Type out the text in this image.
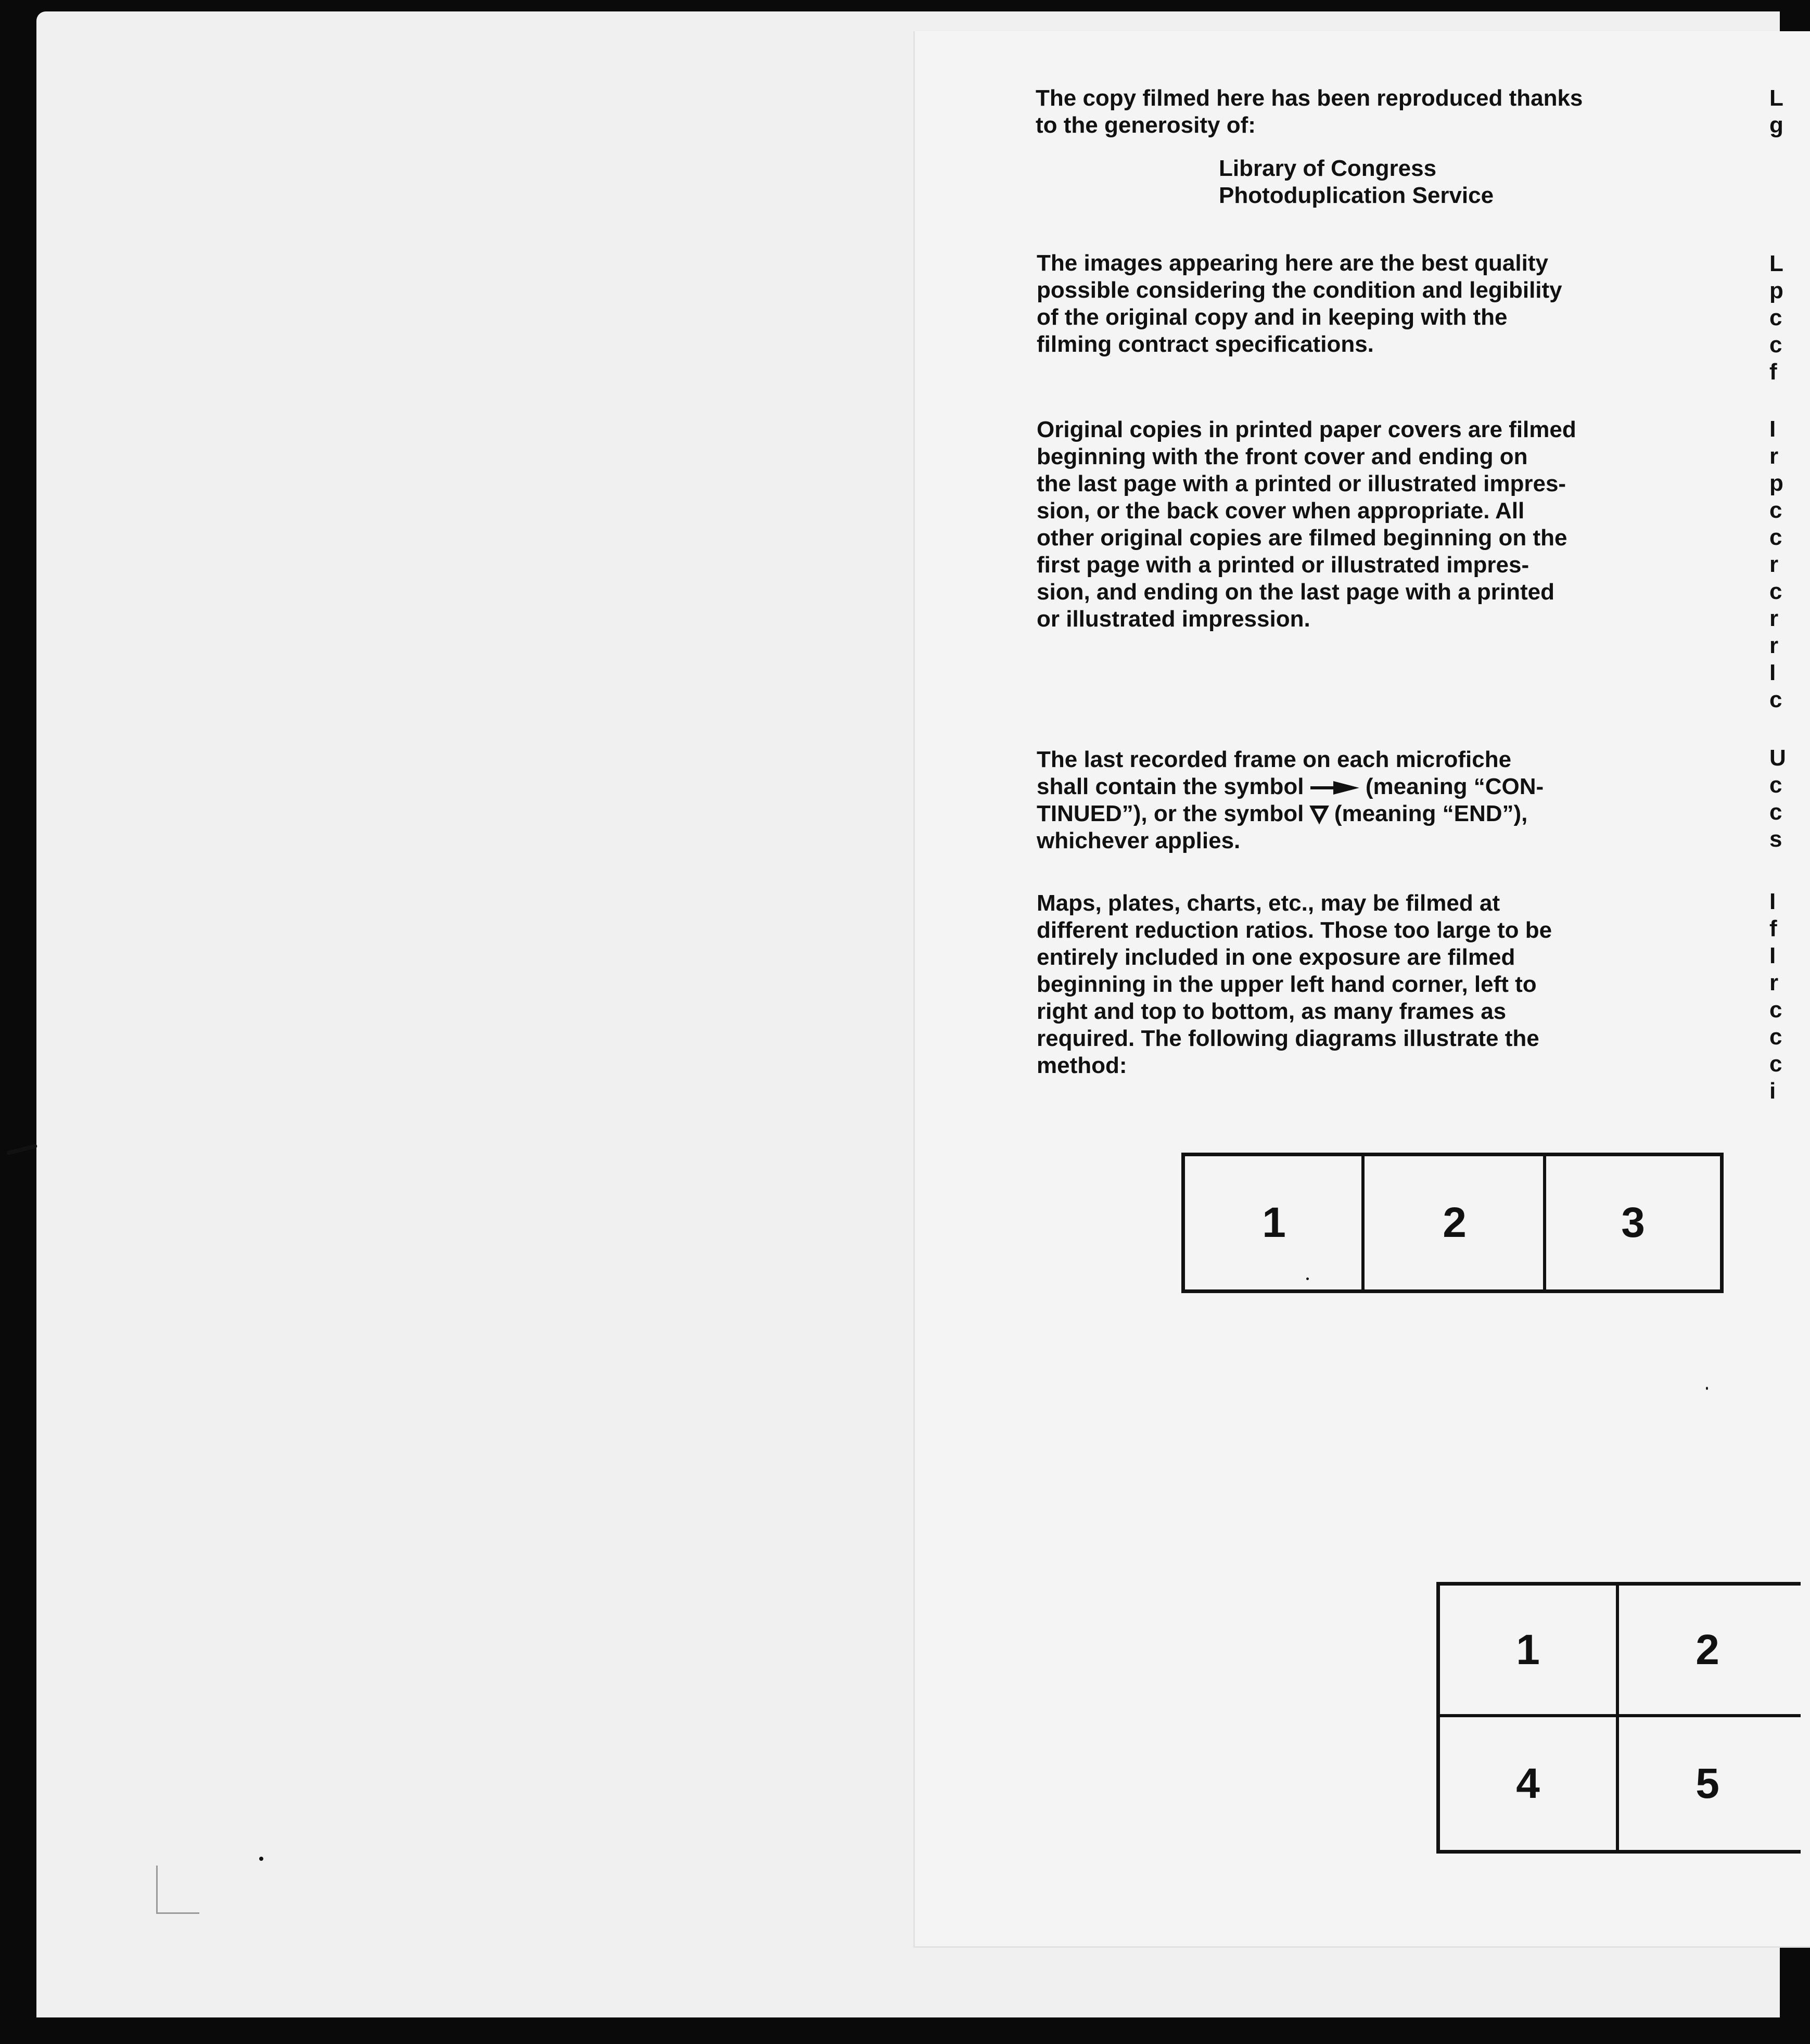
The copy filmed here has been reproduced thanks
to the generosity of:

Library of Congress
Photoduplication Service

The images appearing here are the best quality
possible considering the condition and legibility
of the original copy and in keeping with the
filming contract specifications.

Original copies in printed paper covers are filmed
beginning with the front cover and ending on
the last page with a printed or illustrated impres-
sion, or the back cover when appropriate. All
other original copies are filmed beginning on the
first page with a printed or illustrated impres-
sion, and ending on the last page with a printed
or illustrated impression.

The last recorded frame on each microfiche
shall contain the symbol  (meaning “CON-
TINUED”), or the symbol  (meaning “END”),
whichever applies.

Maps, plates, charts, etc., may be filmed at
different reduction ratios. Those too large to be
entirely included in one exposure are filmed
beginning in the upper left hand corner, left to
right and top to bottom, as many frames as
required. The following diagrams illustrate the
method:

1	2	3
1	2
4	5
L
g
L
p
c
c
f
I
r
p
c
c
r
c
r
r
I
c
U
c
c
s
I
f
I
r
c
c
c
i
